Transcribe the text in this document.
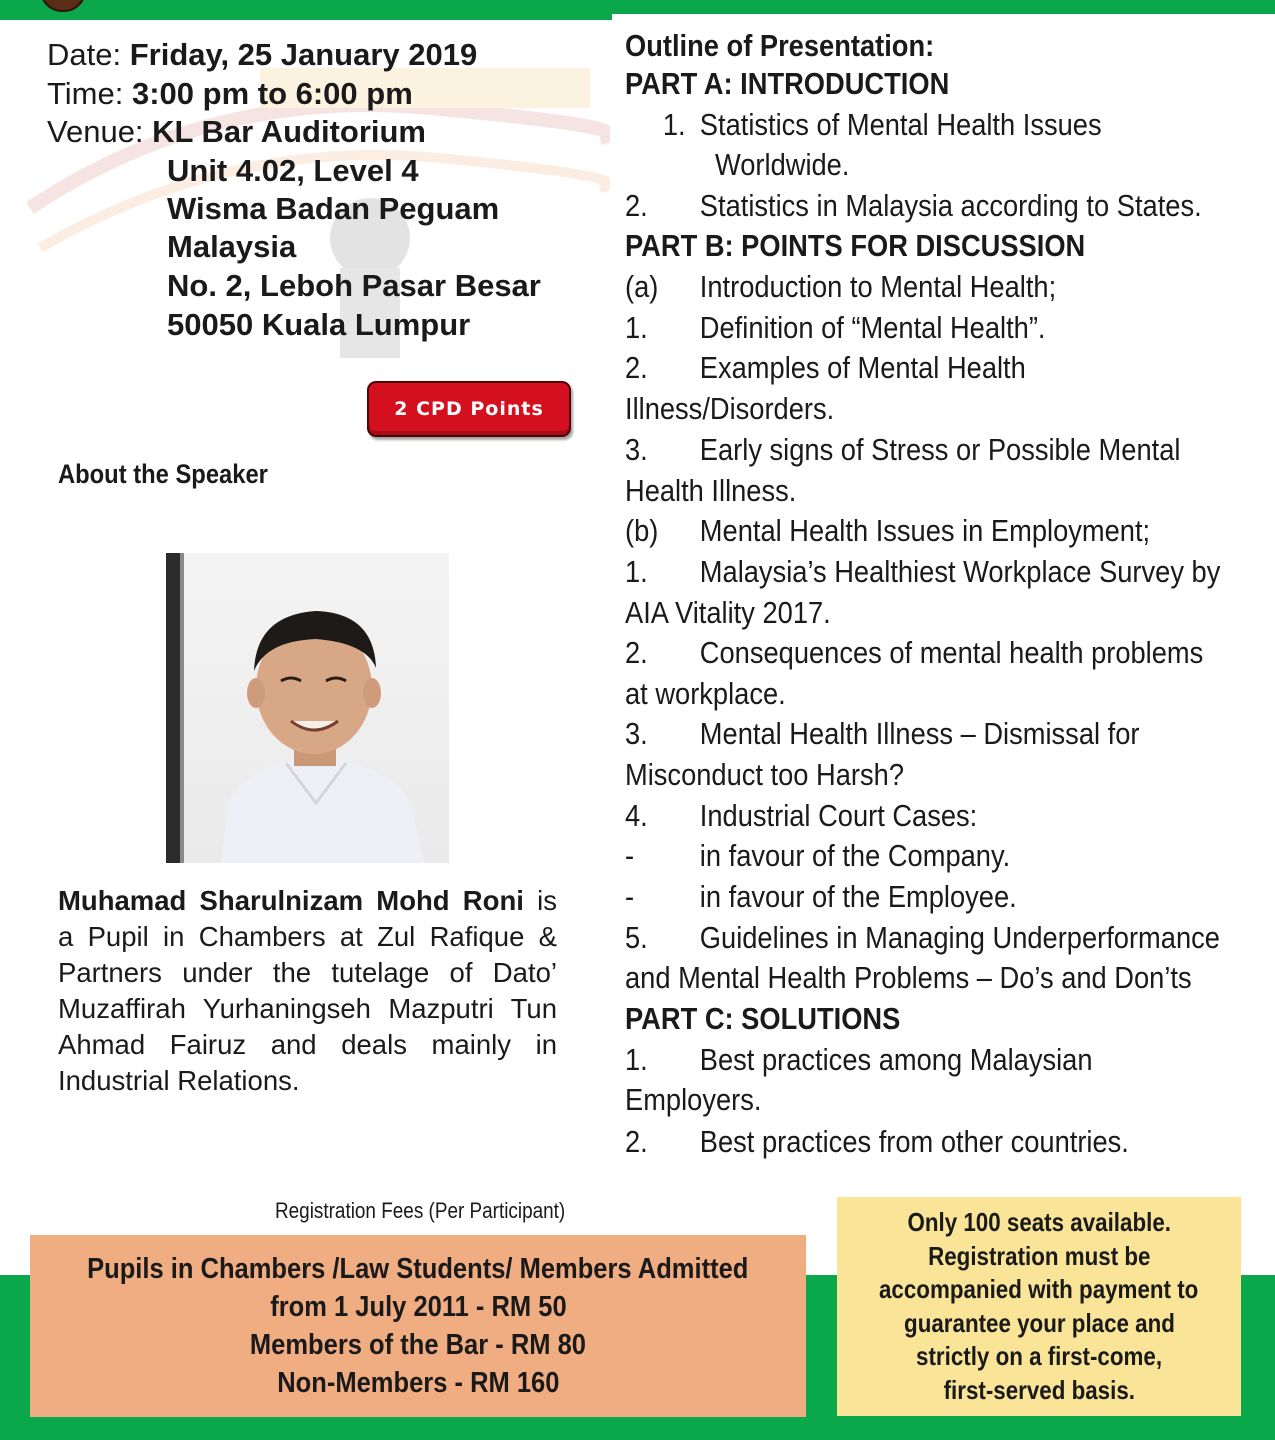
Date: Friday, 25 January 2019
Time: 3:00 pm to 6:00 pm
Venue: KL Bar Auditorium
Unit 4.02, Level 4
Wisma Badan Peguam
Malaysia
No. 2, Leboh Pasar Besar
50050 Kuala Lumpur
2 CPD Points
About the Speaker
Muhamad Sharulnizam Mohd Roni is a Pupil in Chambers at Zul Rafique & Partners under the tutelage of Dato’ Muzaffirah Yurhaningseh Mazputri Tun Ahmad Fairuz and deals mainly in Industrial Relations.
Outline of Presentation:
PART A: INTRODUCTION
1. Statistics of Mental Health Issues
Worldwide.
2. Statistics in Malaysia according to States.
PART B: POINTS FOR DISCUSSION
(a) Introduction to Mental Health;
1. Definition of “Mental Health”.
2. Examples of Mental Health
Illness/Disorders.
3. Early signs of Stress or Possible Mental
Health Illness.
(b) Mental Health Issues in Employment;
1. Malaysia’s Healthiest Workplace Survey by
AIA Vitality 2017.
2. Consequences of mental health problems
at workplace.
3. Mental Health Illness – Dismissal for
Misconduct too Harsh?
4. Industrial Court Cases:
- in favour of the Company.
- in favour of the Employee.
5. Guidelines in Managing Underperformance
and Mental Health Problems – Do’s and Don’ts
PART C: SOLUTIONS
1. Best practices among Malaysian
Employers.
2. Best practices from other countries.
Registration Fees (Per Participant)
Pupils in Chambers /Law Students/ Members Admitted
from 1 July 2011 - RM 50
Members of the Bar - RM 80
Non-Members - RM 160
Only 100 seats available.
Registration must be
accompanied with payment to
guarantee your place and
strictly on a first-come,
first-served basis.
